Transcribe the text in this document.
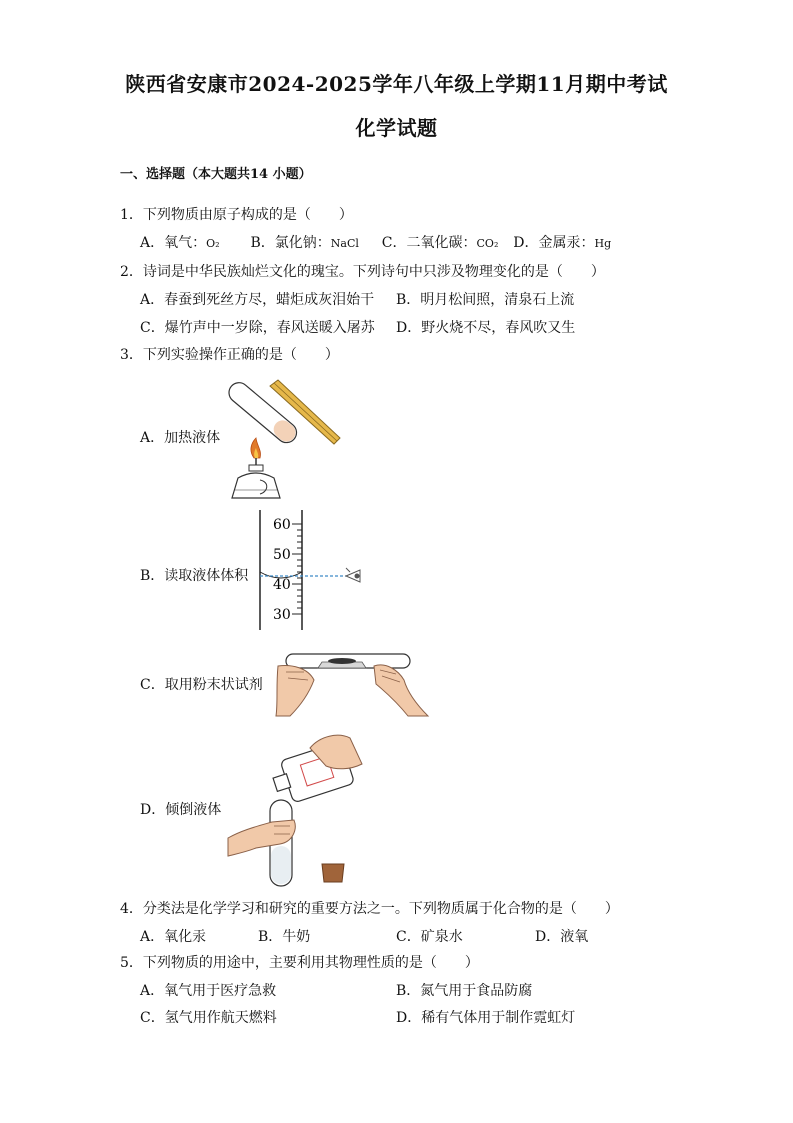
陕西省安康市2024-2025学年八年级上学期11月期中考试
化学试题
一、选择题（本大题共14 小题）
1．下列物质由原子构成的是（　　）
A．氧气：O₂ B．氯化钠：NaCl C．二氧化碳：CO₂ D．金属汞：Hg
2．诗词是中华民族灿烂文化的瑰宝。下列诗句中只涉及物理变化的是（　　）
A．春蚕到死丝方尽，蜡炬成灰泪始干 B．明月松间照，清泉石上流
C．爆竹声中一岁除，春风送暖入屠苏 D．野火烧不尽，春风吹又生
3．下列实验操作正确的是（　　）
A．加热液体
B．读取液体体积
60
50
40
30
C．取用粉末状试剂
D．倾倒液体
4．分类法是化学学习和研究的重要方法之一。下列物质属于化合物的是（　　）
A．氧化汞	B．牛奶	C．矿泉水	D．液氧
5．下列物质的用途中，主要利用其物理性质的是（　　）
A．氧气用于医疗急救	B．氮气用于食品防腐
C．氢气用作航天燃料	D．稀有气体用于制作霓虹灯
